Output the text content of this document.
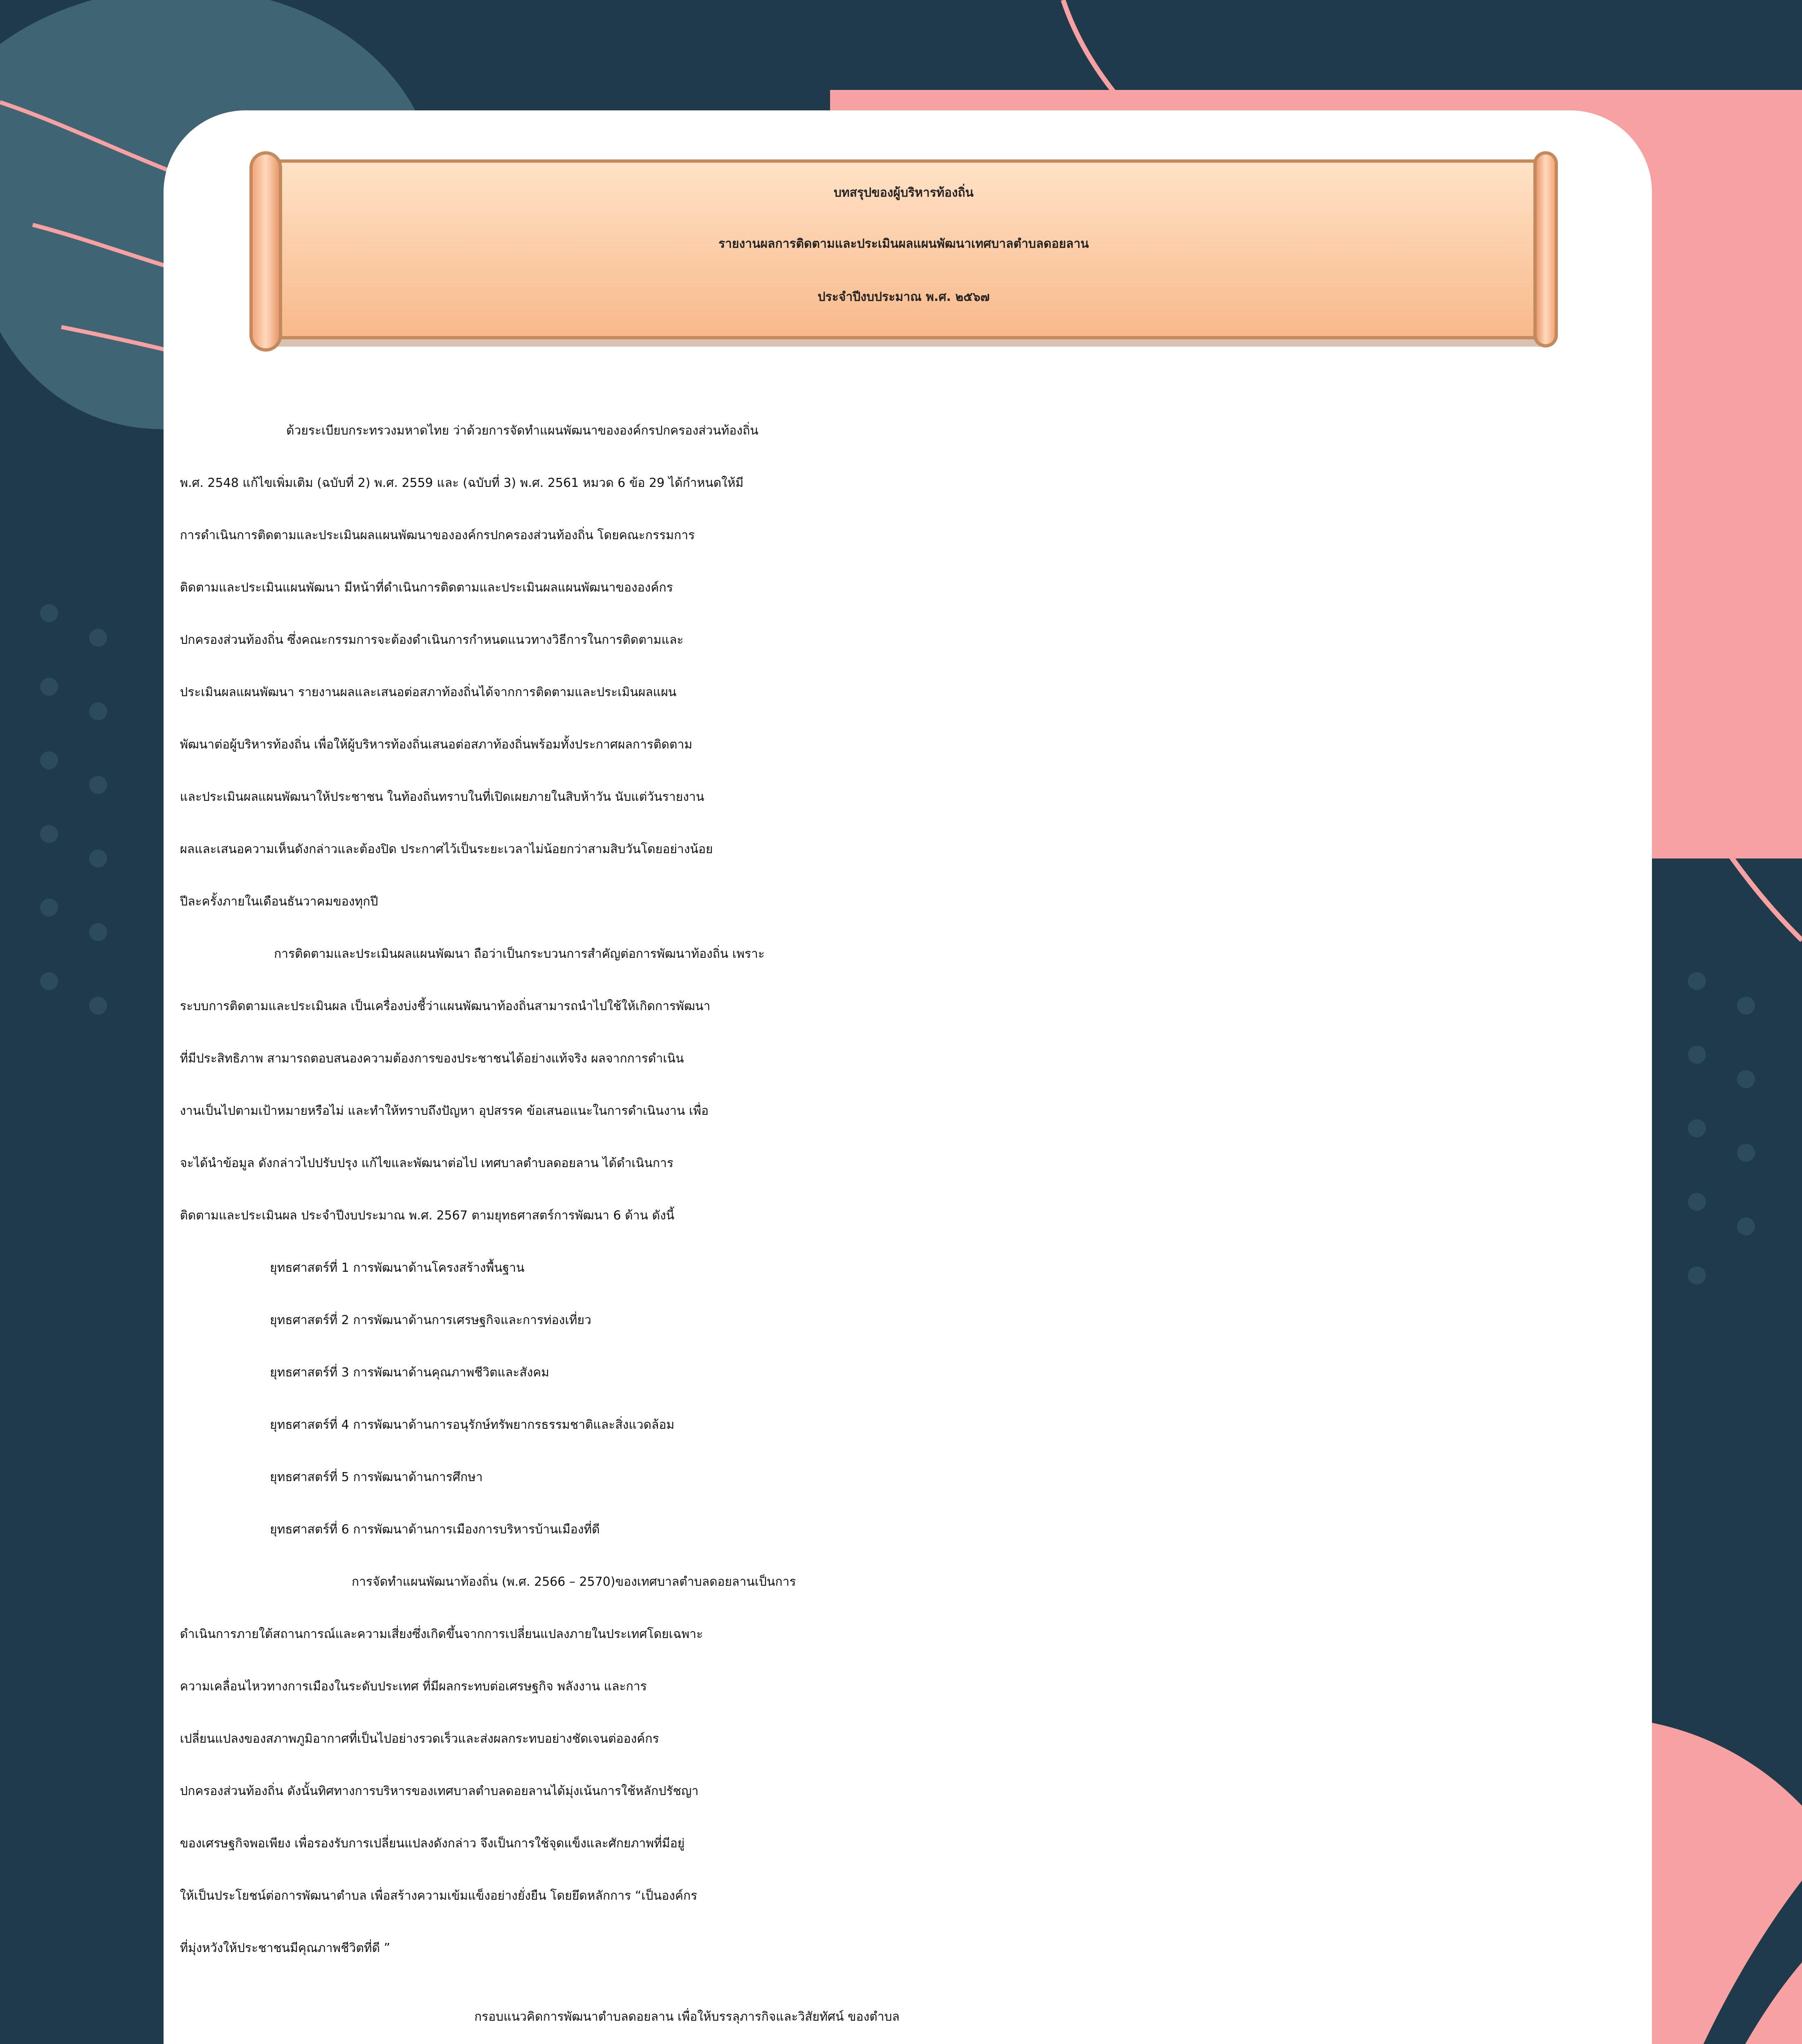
บทสรุปของผู้บริหารท้องถิ่น
รายงานผลการติดตามและประเมินผลแผนพัฒนาเทศบาลตำบลดอยลาน
ประจำปีงบประมาณ พ.ศ. ๒๕๖๗
ด้วยระเบียบกระทรวงมหาดไทย ว่าด้วยการจัดทำแผนพัฒนาขององค์กรปกครองส่วนท้องถิ่น
พ.ศ. 2548 แก้ไขเพิ่มเติม (ฉบับที่ 2) พ.ศ. 2559 และ (ฉบับที่ 3) พ.ศ. 2561 หมวด 6 ข้อ 29 ได้กำหนดให้มี
การดำเนินการติดตามและประเมินผลแผนพัฒนาขององค์กรปกครองส่วนท้องถิ่น โดยคณะกรรมการ
ติดตามและประเมินแผนพัฒนา มีหน้าที่ดำเนินการติดตามและประเมินผลแผนพัฒนาขององค์กร
ปกครองส่วนท้องถิ่น ซึ่งคณะกรรมการจะต้องดำเนินการกำหนดแนวทางวิธีการในการติดตามและ
ประเมินผลแผนพัฒนา รายงานผลและเสนอต่อสภาท้องถิ่นได้จากการติดตามและประเมินผลแผน
พัฒนาต่อผู้บริหารท้องถิ่น เพื่อให้ผู้บริหารท้องถิ่นเสนอต่อสภาท้องถิ่นพร้อมทั้งประกาศผลการติดตาม
และประเมินผลแผนพัฒนาให้ประชาชน ในท้องถิ่นทราบในที่เปิดเผยภายในสิบห้าวัน นับแต่วันรายงาน
ผลและเสนอความเห็นดังกล่าวและต้องปิด ประกาศไว้เป็นระยะเวลาไม่น้อยกว่าสามสิบวันโดยอย่างน้อย
ปีละครั้งภายในเดือนธันวาคมของทุกปี
การติดตามและประเมินผลแผนพัฒนา ถือว่าเป็นกระบวนการสำคัญต่อการพัฒนาท้องถิ่น เพราะ
ระบบการติดตามและประเมินผล เป็นเครื่องบ่งชี้ว่าแผนพัฒนาท้องถิ่นสามารถนำไปใช้ให้เกิดการพัฒนา
ที่มีประสิทธิภาพ สามารถตอบสนองความต้องการของประชาชนได้อย่างแท้จริง ผลจากการดำเนิน
งานเป็นไปตามเป้าหมายหรือไม่ และทำให้ทราบถึงปัญหา อุปสรรค ข้อเสนอแนะในการดำเนินงาน เพื่อ
จะได้นำข้อมูล ดังกล่าวไปปรับปรุง แก้ไขและพัฒนาต่อไป เทศบาลตำบลดอยลาน ได้ดำเนินการ
ติดตามและประเมินผล ประจำปีงบประมาณ พ.ศ. 2567 ตามยุทธศาสตร์การพัฒนา 6 ด้าน ดังนี้
ยุทธศาสตร์ที่ 1 การพัฒนาด้านโครงสร้างพื้นฐาน
ยุทธศาสตร์ที่ 2 การพัฒนาด้านการเศรษฐกิจและการท่องเที่ยว
ยุทธศาสตร์ที่ 3 การพัฒนาด้านคุณภาพชีวิตและสังคม
ยุทธศาสตร์ที่ 4 การพัฒนาด้านการอนุรักษ์ทรัพยากรธรรมชาติและสิ่งแวดล้อม
ยุทธศาสตร์ที่ 5 การพัฒนาด้านการศึกษา
ยุทธศาสตร์ที่ 6 การพัฒนาด้านการเมืองการบริหารบ้านเมืองที่ดี
การจัดทำแผนพัฒนาท้องถิ่น (พ.ศ. 2566 – 2570)ของเทศบาลตำบลดอยลานเป็นการ
ดำเนินการภายใต้สถานการณ์และความเสี่ยงซึ่งเกิดขึ้นจากการเปลี่ยนแปลงภายในประเทศโดยเฉพาะ
ความเคลื่อนไหวทางการเมืองในระดับประเทศ ที่มีผลกระทบต่อเศรษฐกิจ พลังงาน และการ
เปลี่ยนแปลงของสภาพภูมิอากาศที่เป็นไปอย่างรวดเร็วและส่งผลกระทบอย่างชัดเจนต่อองค์กร
ปกครองส่วนท้องถิ่น ดังนั้นทิศทางการบริหารของเทศบาลตำบลดอยลานได้มุ่งเน้นการใช้หลักปรัชญา
ของเศรษฐกิจพอเพียง เพื่อรองรับการเปลี่ยนแปลงดังกล่าว จึงเป็นการใช้จุดแข็งและศักยภาพที่มีอยู่
ให้เป็นประโยชน์ต่อการพัฒนาตำบล เพื่อสร้างความเข้มแข็งอย่างยั่งยืน โดยยึดหลักการ “เป็นองค์กร
ที่มุ่งหวังให้ประชาชนมีคุณภาพชีวิตที่ดี ”
กรอบแนวคิดการพัฒนาตำบลดอยลาน เพื่อให้บรรลุภารกิจและวิสัยทัศน์ ของตำบล
